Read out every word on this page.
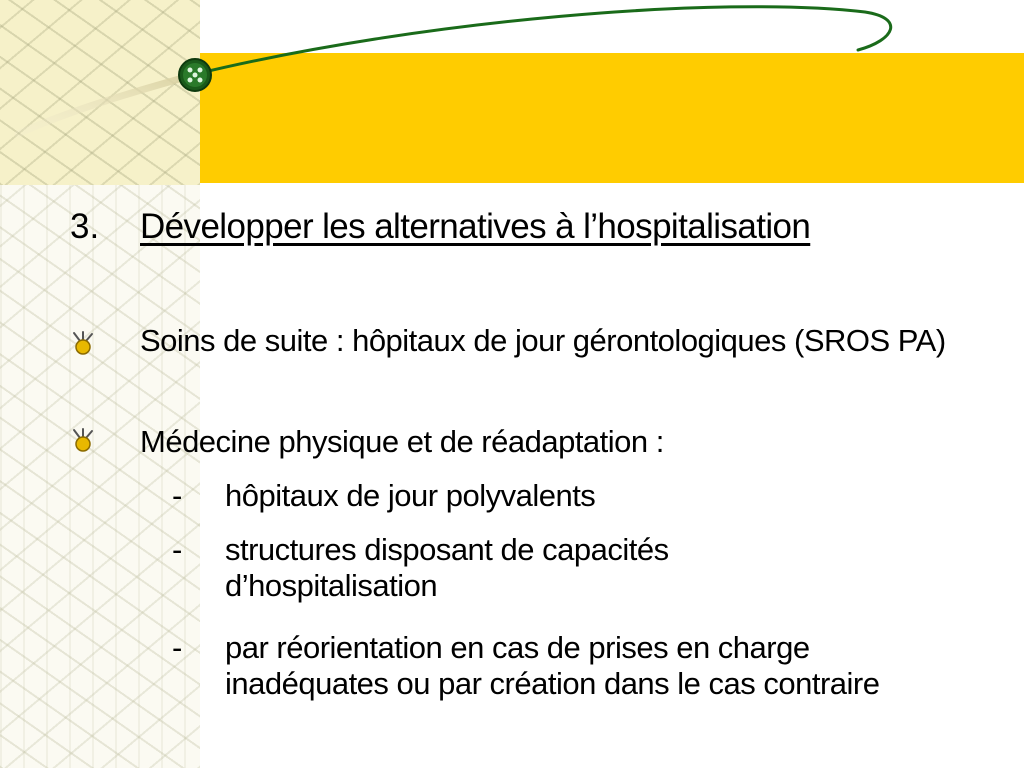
3. Développer les alternatives à l’hospitalisation
Soins de suite : hôpitaux de jour gérontologiques (SROS PA)
Médecine physique et de réadaptation :
- hôpitaux de jour polyvalents
- structures disposant de capacités d’hospitalisation
- par réorientation en cas de prises en charge inadéquates ou par création dans le cas contraire
